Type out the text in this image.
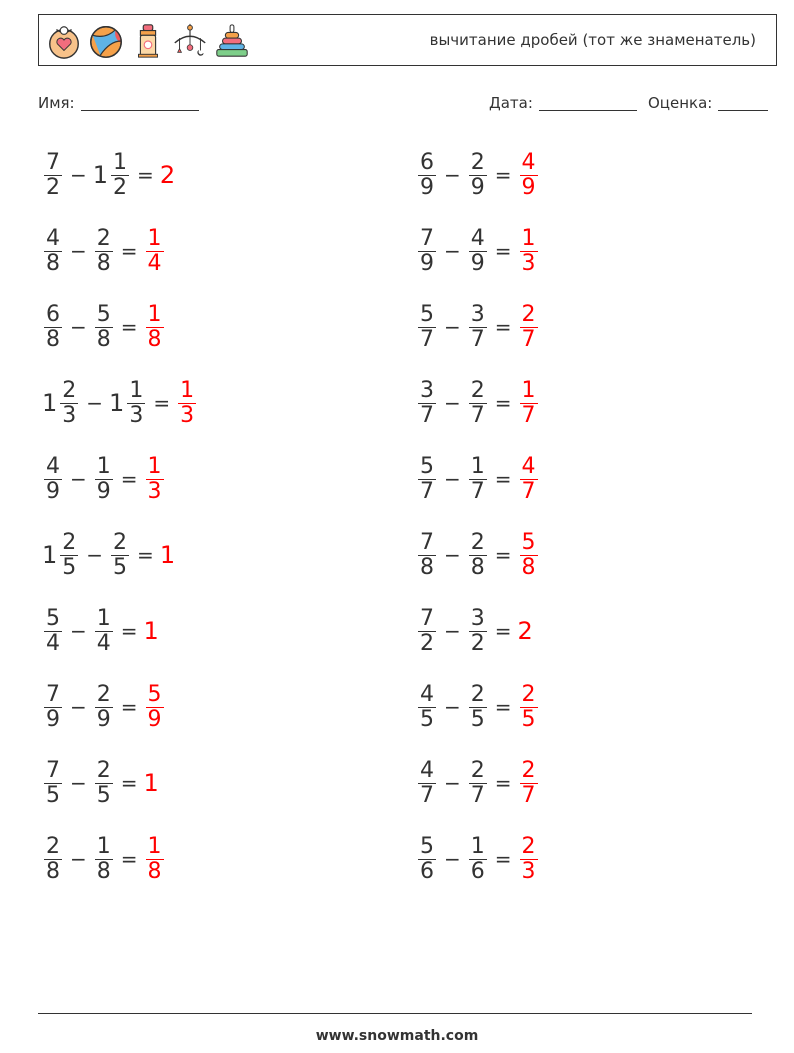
вычитание дробей (тот же знаменатель)
Имя:	Дата:	Оценка:
$\frac{7}{2} - 1 \frac{1}{2} = 2$
$\frac{4}{8} - \frac{2}{8} = \frac{1}{4}$
$\frac{6}{8} - \frac{5}{8} = \frac{1}{8}$
$1 \frac{2}{3} - 1 \frac{1}{3} = \frac{1}{3}$
$\frac{4}{9} - \frac{1}{9} = \frac{1}{3}$
$1 \frac{2}{5} - \frac{2}{5} = 1$
$\frac{5}{4} - \frac{1}{4} = 1$
$\frac{7}{9} - \frac{2}{9} = \frac{5}{9}$
$\frac{7}{5} - \frac{2}{5} = 1$
$\frac{2}{8} - \frac{1}{8} = \frac{1}{8}$
$\frac{6}{9} - \frac{2}{9} = \frac{4}{9}$
$\frac{7}{9} - \frac{4}{9} = \frac{1}{3}$
$\frac{5}{7} - \frac{3}{7} = \frac{2}{7}$
$\frac{3}{7} - \frac{2}{7} = \frac{1}{7}$
$\frac{5}{7} - \frac{1}{7} = \frac{4}{7}$
$\frac{7}{8} - \frac{2}{8} = \frac{5}{8}$
$\frac{7}{2} - \frac{3}{2} = 2$
$\frac{4}{5} - \frac{2}{5} = \frac{2}{5}$
$\frac{4}{7} - \frac{2}{7} = \frac{2}{7}$
$\frac{5}{6} - \frac{1}{6} = \frac{2}{3}$
www.snowmath.com
